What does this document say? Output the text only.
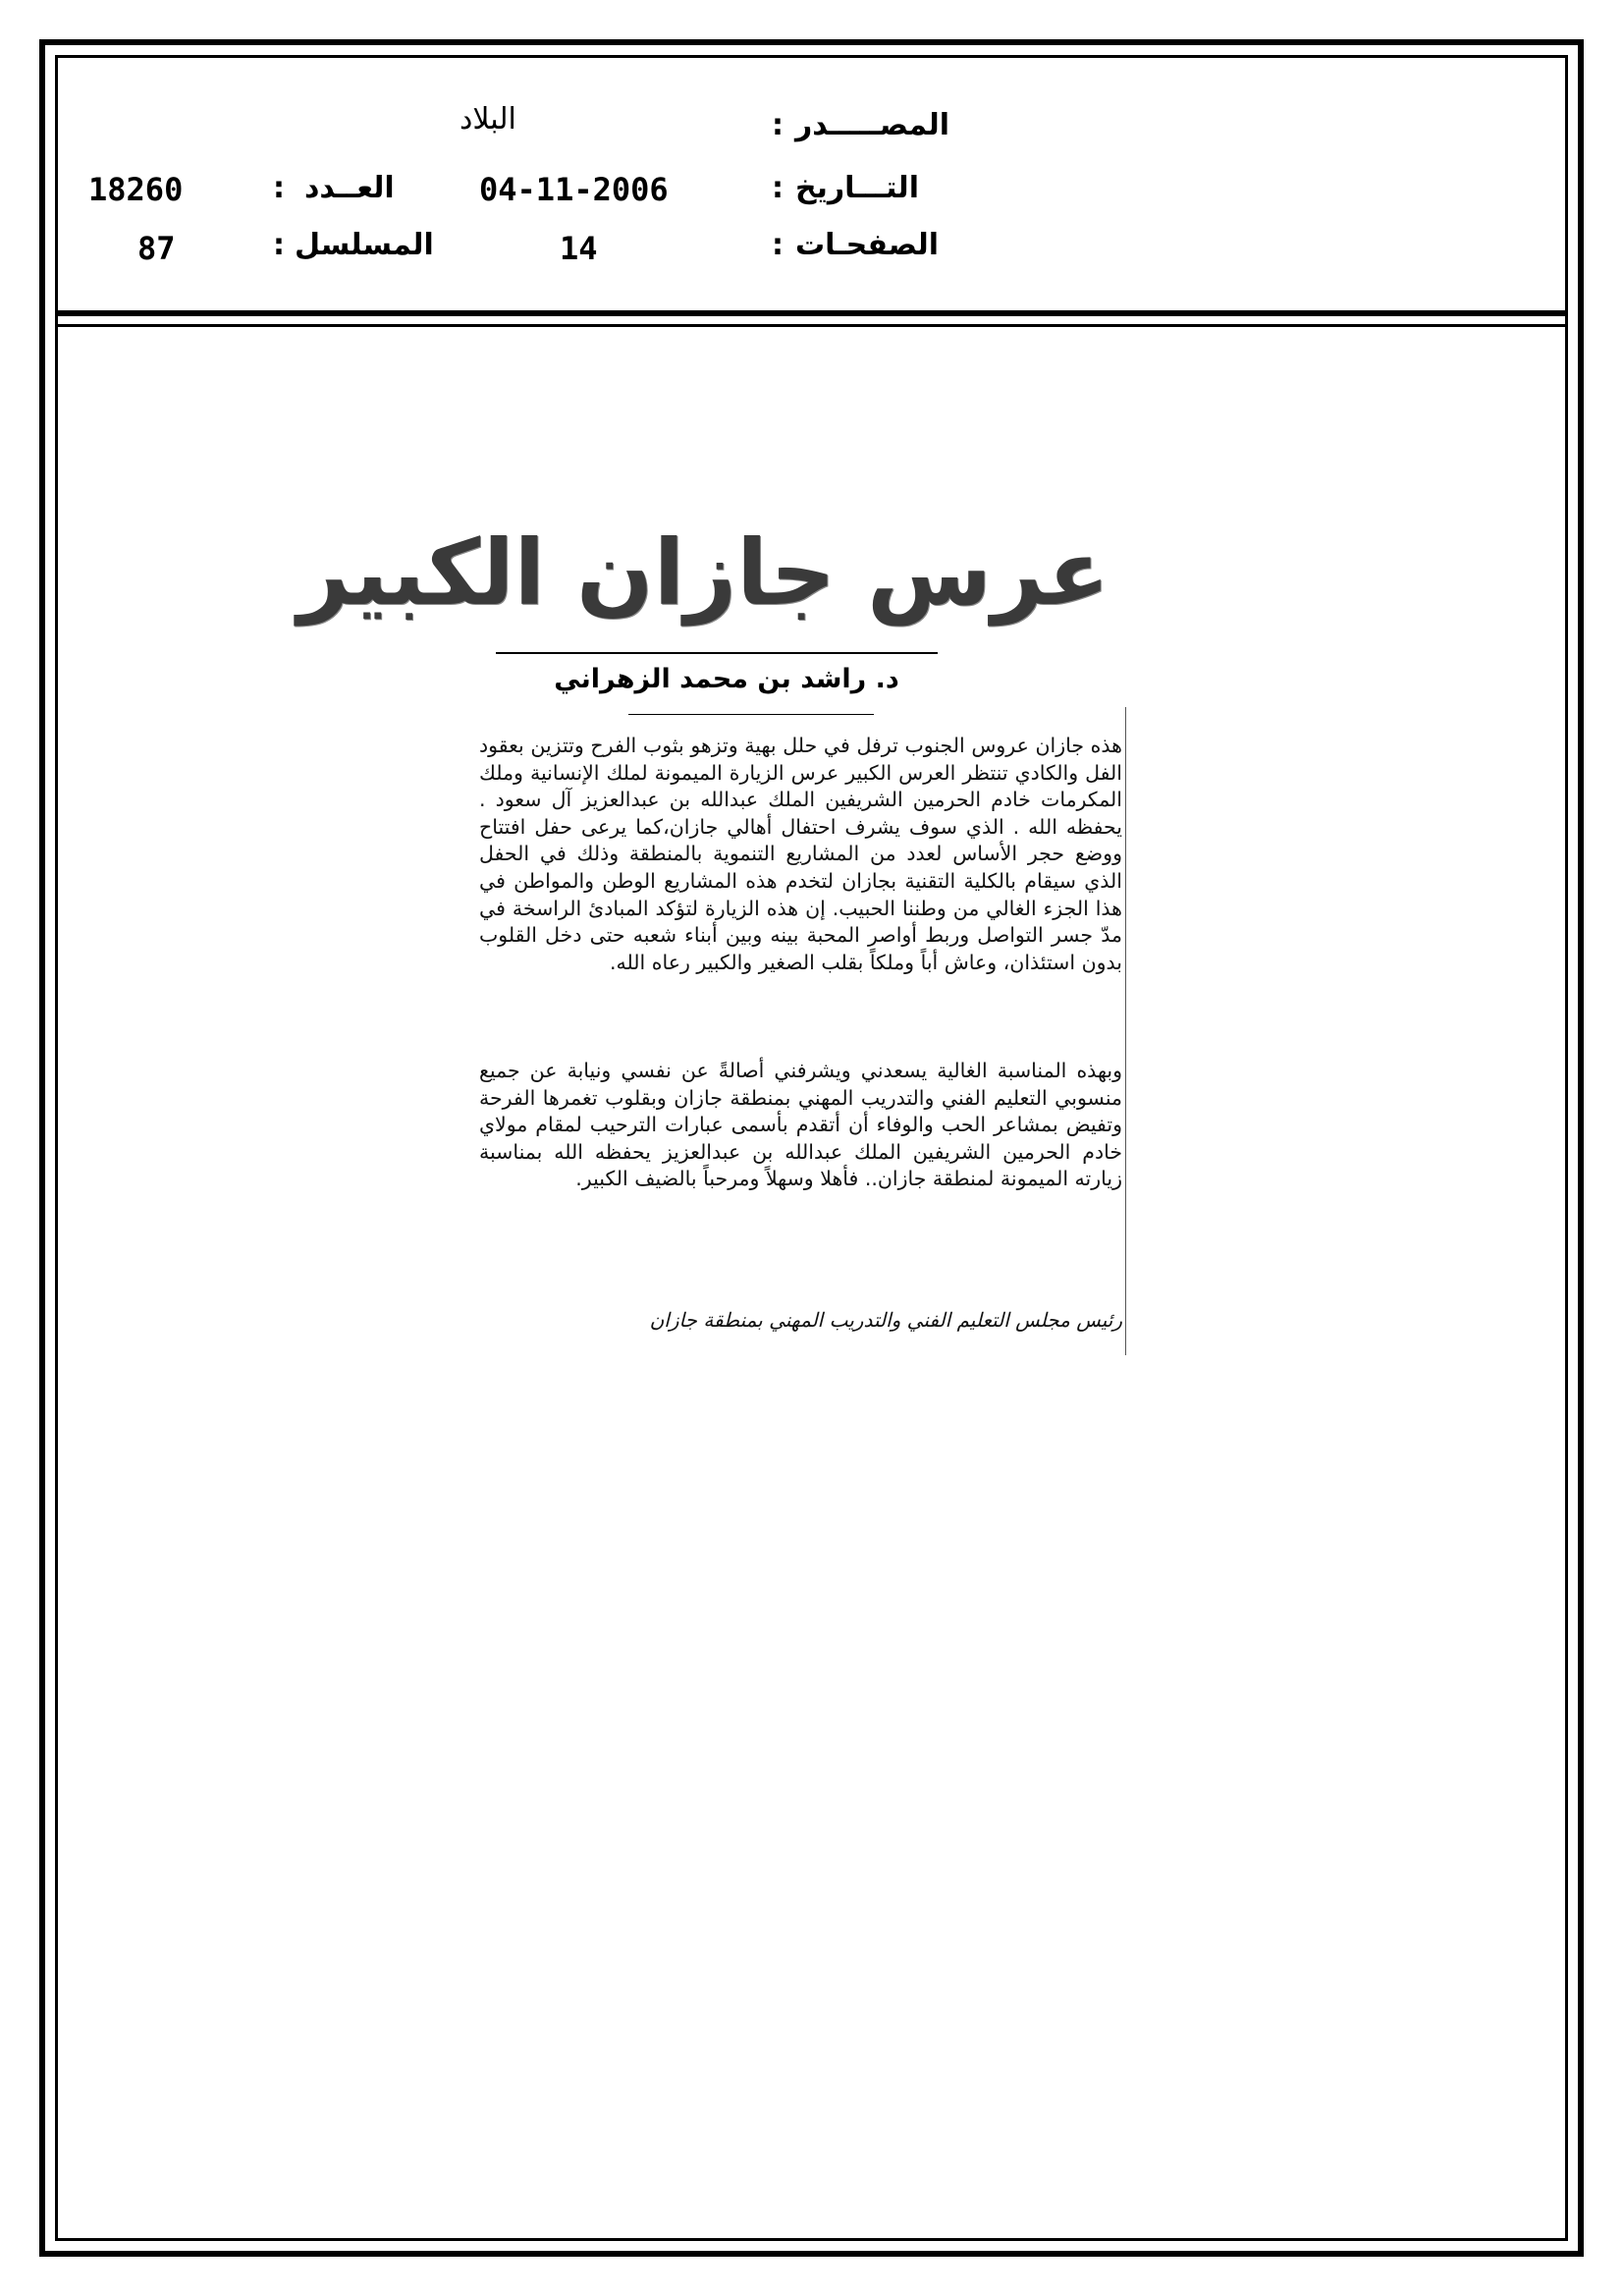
المصـــــدر
:
البلاد
التـــاريخ
:
04-11-2006
العــدد
:
18260
الصفحـات
:
14
المسلسل
:
87
عرس جازان الكبير
د. راشد بن محمد الزهراني
هذه جازان عروس الجنوب ترفل في حلل بهية وتزهو بثوب الفرح وتتزين بعقود الفل والكادي تنتظر العرس الكبير عرس الزيارة الميمونة لملك الإنسانية وملك المكرمات خادم الحرمين الشريفين الملك عبدالله بن عبدالعزيز آل سعود . يحفظه الله . الذي سوف يشرف احتفال أهالي جازان،كما يرعى حفل افتتاح ووضع حجر الأساس لعدد من المشاريع التنموية بالمنطقة وذلك في الحفل الذي سيقام بالكلية التقنية بجازان لتخدم هذه المشاريع الوطن والمواطن في هذا الجزء الغالي من وطننا الحبيب. إن هذه الزيارة لتؤكد المبادئ الراسخة في مدّ جسر التواصل وربط أواصر المحبة بينه وبين أبناء شعبه حتى دخل القلوب بدون استئذان، وعاش أباً وملكاً بقلب الصغير والكبير رعاه الله.
وبهذه المناسبة الغالية يسعدني ويشرفني أصالةً عن نفسي ونيابة عن جميع منسوبي التعليم الفني والتدريب المهني بمنطقة جازان وبقلوب تغمرها الفرحة وتفيض بمشاعر الحب والوفاء أن أتقدم بأسمى عبارات الترحيب لمقام مولاي خادم الحرمين الشريفين الملك عبدالله بن عبدالعزيز يحفظه الله بمناسبة زيارته الميمونة لمنطقة جازان.. فأهلا وسهلاً ومرحباً بالضيف الكبير.
رئيس مجلس التعليم الفني والتدريب المهني بمنطقة جازان
